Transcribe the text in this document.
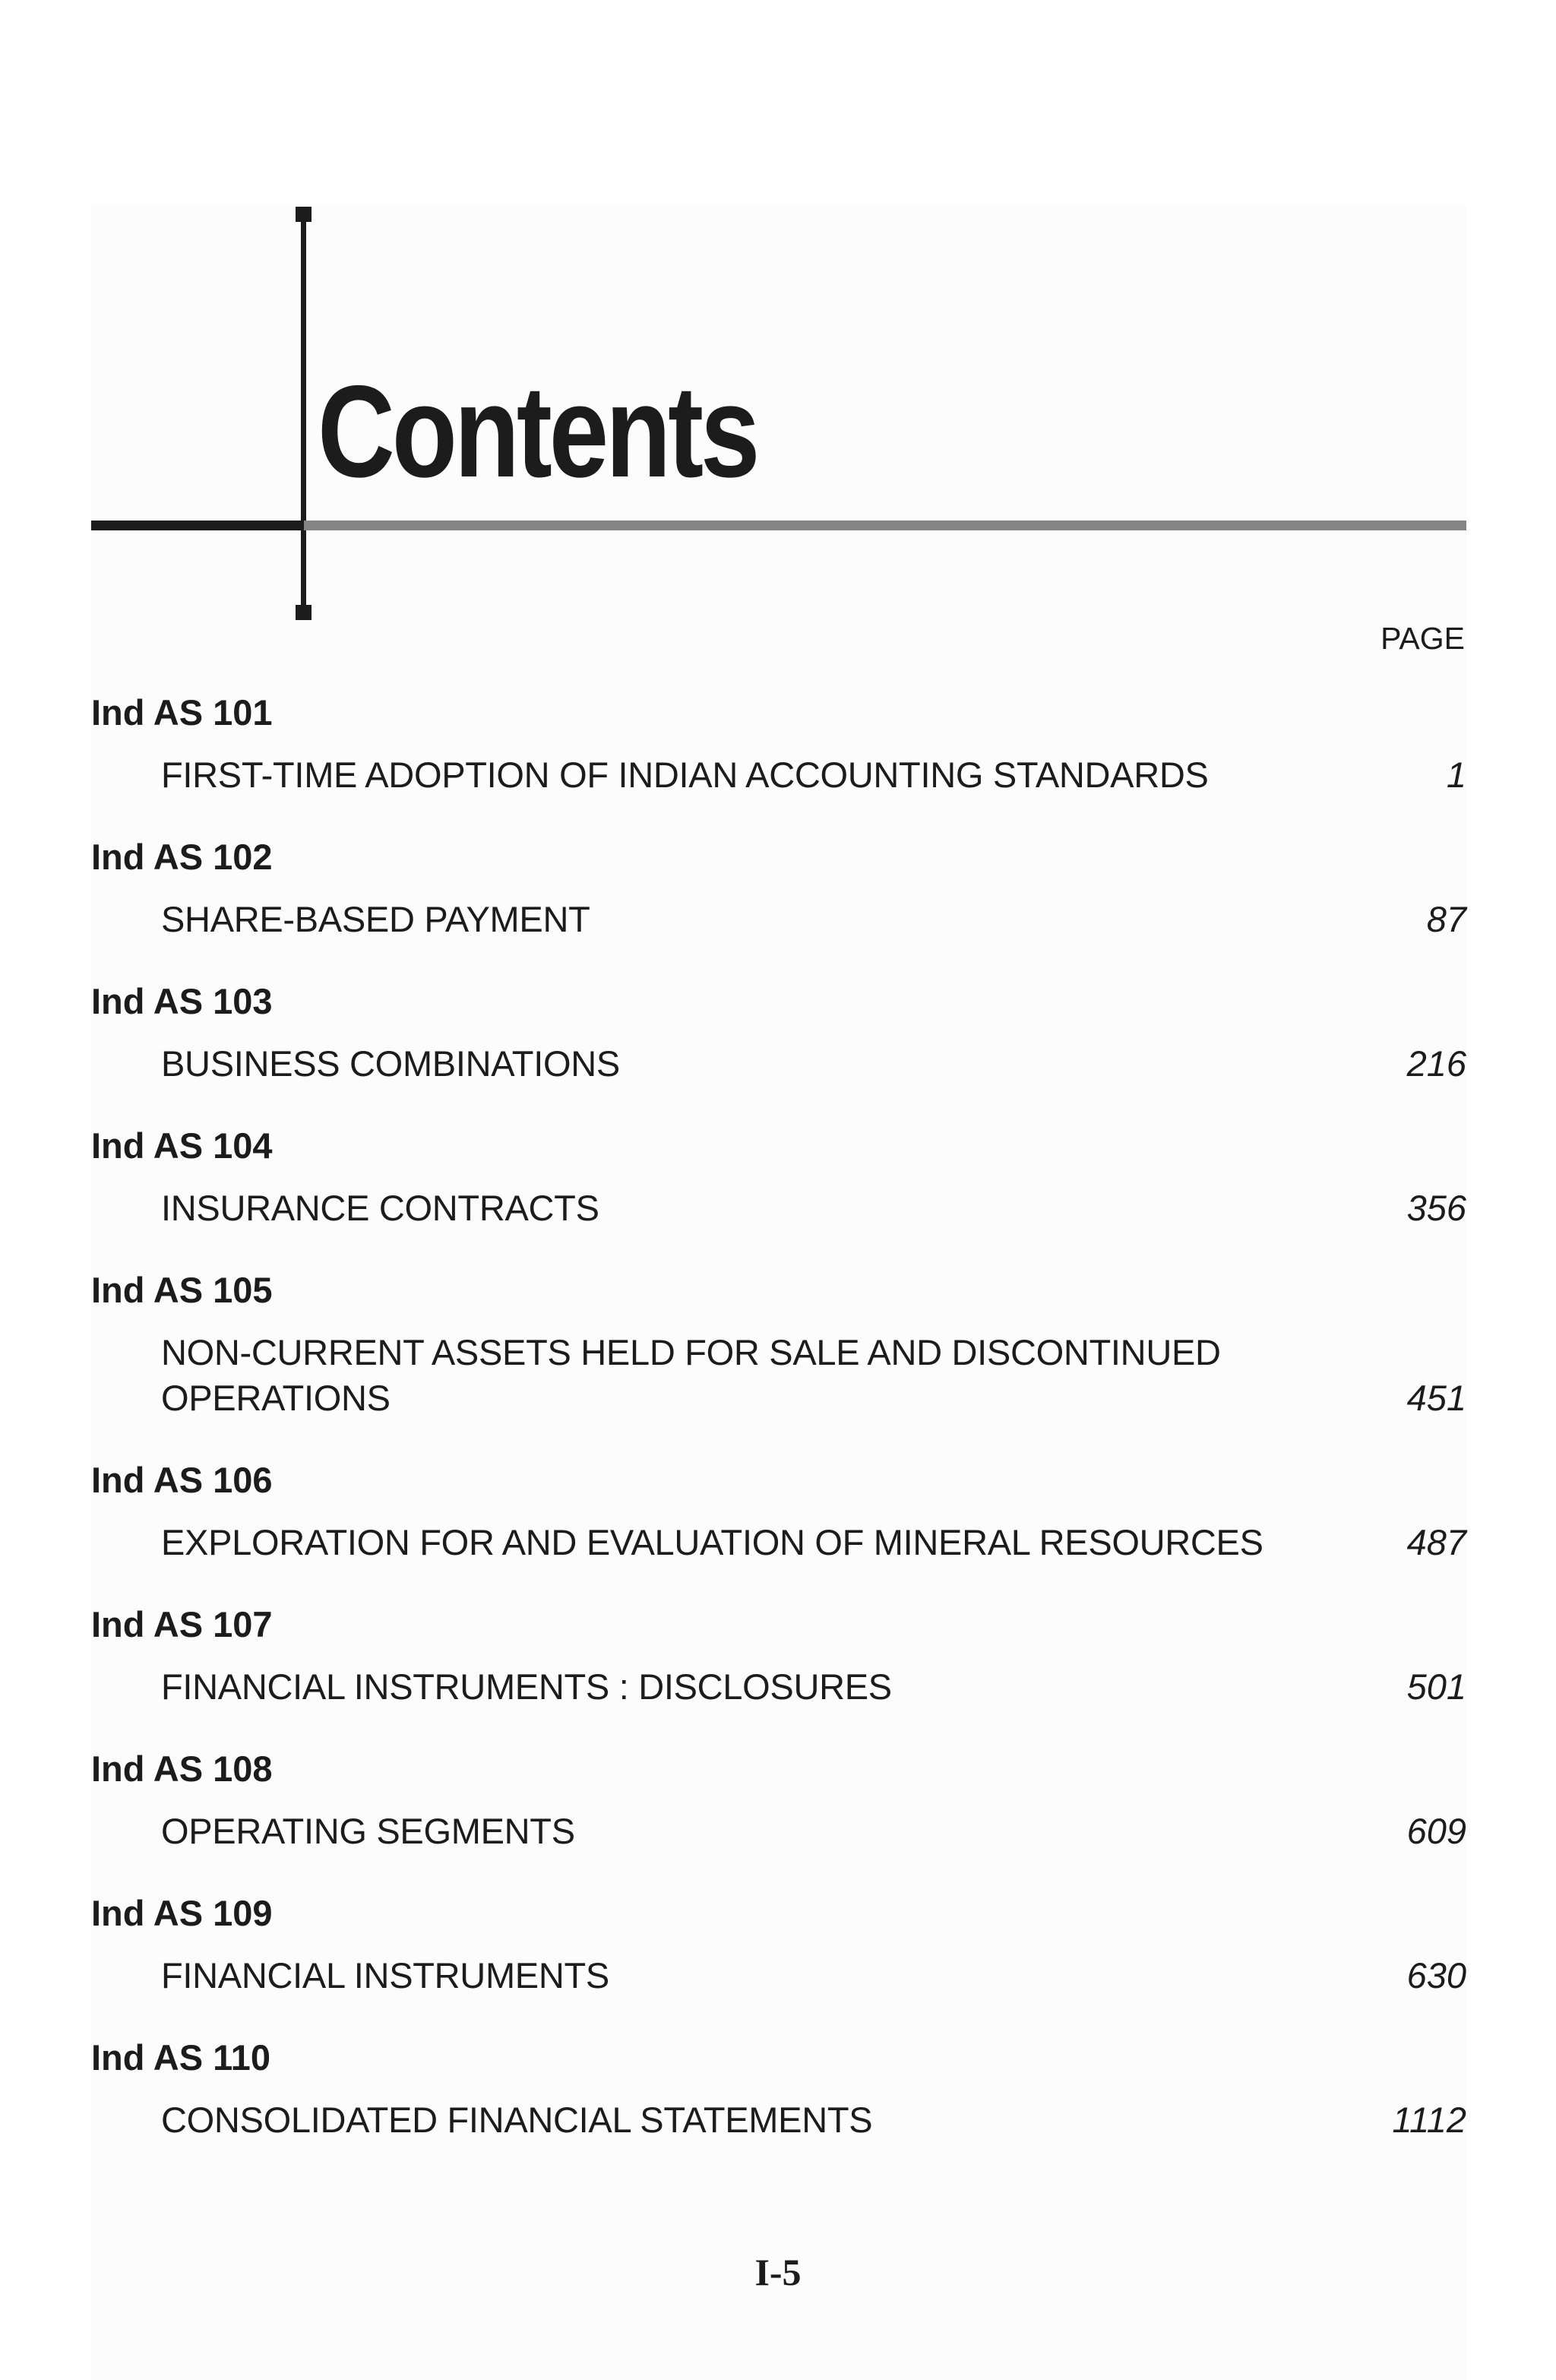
Contents
PAGE
Ind AS 101
FIRST-TIME ADOPTION OF INDIAN ACCOUNTING STANDARDS	1
Ind AS 102
SHARE-BASED PAYMENT	87
Ind AS 103
BUSINESS COMBINATIONS	216
Ind AS 104
INSURANCE CONTRACTS	356
Ind AS 105
NON-CURRENT ASSETS HELD FOR SALE AND DISCONTINUED OPERATIONS	451
Ind AS 106
EXPLORATION FOR AND EVALUATION OF MINERAL RESOURCES	487
Ind AS 107
FINANCIAL INSTRUMENTS : DISCLOSURES	501
Ind AS 108
OPERATING SEGMENTS	609
Ind AS 109
FINANCIAL INSTRUMENTS	630
Ind AS 110
CONSOLIDATED FINANCIAL STATEMENTS	1112
I-5
